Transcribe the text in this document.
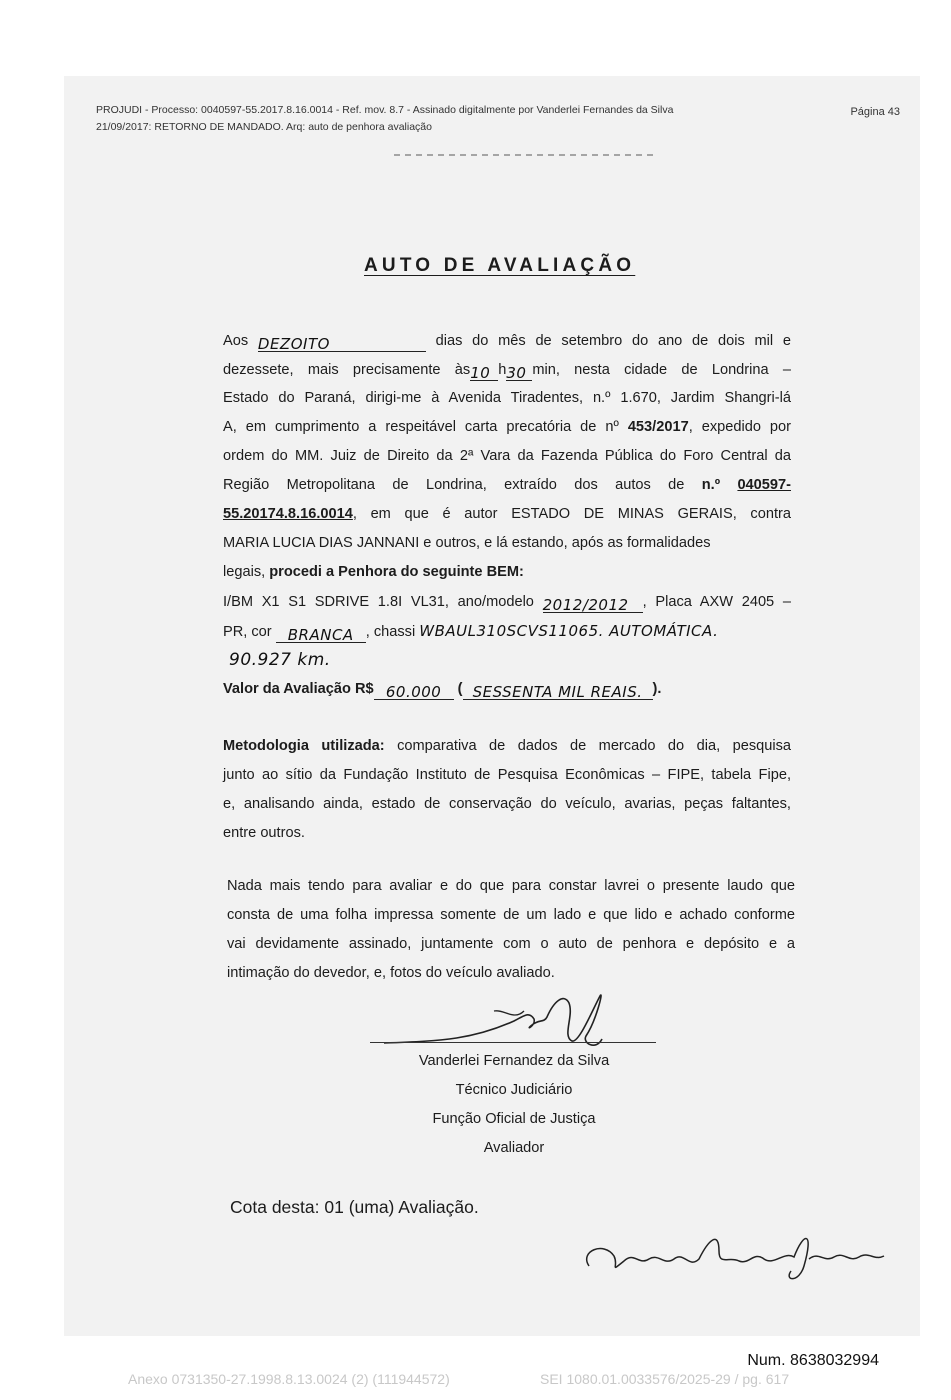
PROJUDI - Processo: 0040597-55.2017.8.16.0014 - Ref. mov. 8.7 - Assinado digitalmente por Vanderlei Fernandes da Silva
21/09/2017: RETORNO DE MANDADO. Arq: auto de penhora avaliação
Página 43
AUTO DE AVALIAÇÃO
Aos DEZOITO	dias do mês de setembro do ano de dois mil e
dezessete, mais precisamente às10 h30 min, nesta cidade de Londrina –
Estado do Paraná, dirigi-me à Avenida Tiradentes, n.º 1.670, Jardim Shangri-lá
A, em cumprimento a respeitável carta precatória de nº 453/2017, expedido por
ordem do MM. Juiz de Direito da 2ª Vara da Fazenda Pública do Foro Central da
Região Metropolitana de Londrina, extraído dos autos de n.º 040597-
55.20174.8.16.0014, em que é autor ESTADO DE MINAS GERAIS, contra
MARIA LUCIA DIAS JANNANI e outros, e lá estando, após as formalidades
legais, procedi a Penhora do seguinte BEM:
I/BM X1 S1 SDRIVE 1.8I VL31, ano/modelo 2012/2012 , Placa AXW 2405 –
PR, cor BRANCA , chassi WBAUL310SCVS11065. AUTOMÁTICA.
90.927 km.
Valor da Avaliação R$ 60.000 ( SESSENTA MIL REAIS. ).
Metodologia utilizada: comparativa de dados de mercado do dia, pesquisa
junto ao sítio da Fundação Instituto de Pesquisa Econômicas – FIPE, tabela Fipe,
e, analisando ainda, estado de conservação do veículo, avarias, peças faltantes,
entre outros.
Nada mais tendo para avaliar e do que para constar lavrei o presente laudo que
consta de uma folha impressa somente de um lado e que lido e achado conforme
vai devidamente assinado, juntamente com o auto de penhora e depósito e a
intimação do devedor, e, fotos do veículo avaliado.
Vanderlei Fernandez da Silva
Técnico Judiciário
Função Oficial de Justiça
Avaliador
Cota desta: 01 (uma) Avaliação.
Num. 8638032994
Anexo 0731350-27.1998.8.13.0024 (2) (111944572)	SEI 1080.01.0033576/2025-29 / pg. 617
